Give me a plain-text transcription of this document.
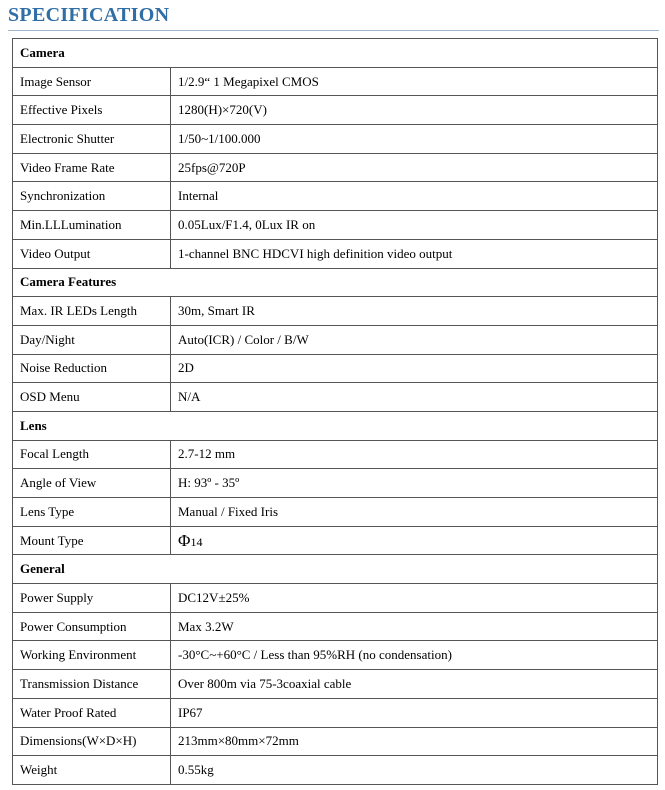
SPECIFICATION
Camera	
Image Sensor	1/2.9“ 1 Megapixel CMOS
Effective Pixels	1280(H)×720(V)
Electronic Shutter	1/50~1/100.000
Video Frame Rate	25fps@720P
Synchronization	Internal
Min.LLLumination	0.05Lux/F1.4, 0Lux IR on
Video Output	1-channel BNC HDCVI high definition video output
Camera Features	
Max. IR LEDs Length	30m, Smart IR
Day/Night	Auto(ICR) / Color / B/W
Noise Reduction	2D
OSD Menu	N/A
Lens	
Focal Length	2.7-12 mm
Angle of View	H: 93º - 35º
Lens Type	Manual / Fixed Iris
Mount Type	Φ14
General	
Power Supply	DC12V±25%
Power Consumption	Max 3.2W
Working Environment	-30°C~+60°C / Less than 95%RH (no condensation)
Transmission Distance	Over 800m via 75-3coaxial cable
Water Proof Rated	IP67
Dimensions(W×D×H)	213mm×80mm×72mm
Weight	0.55kg
